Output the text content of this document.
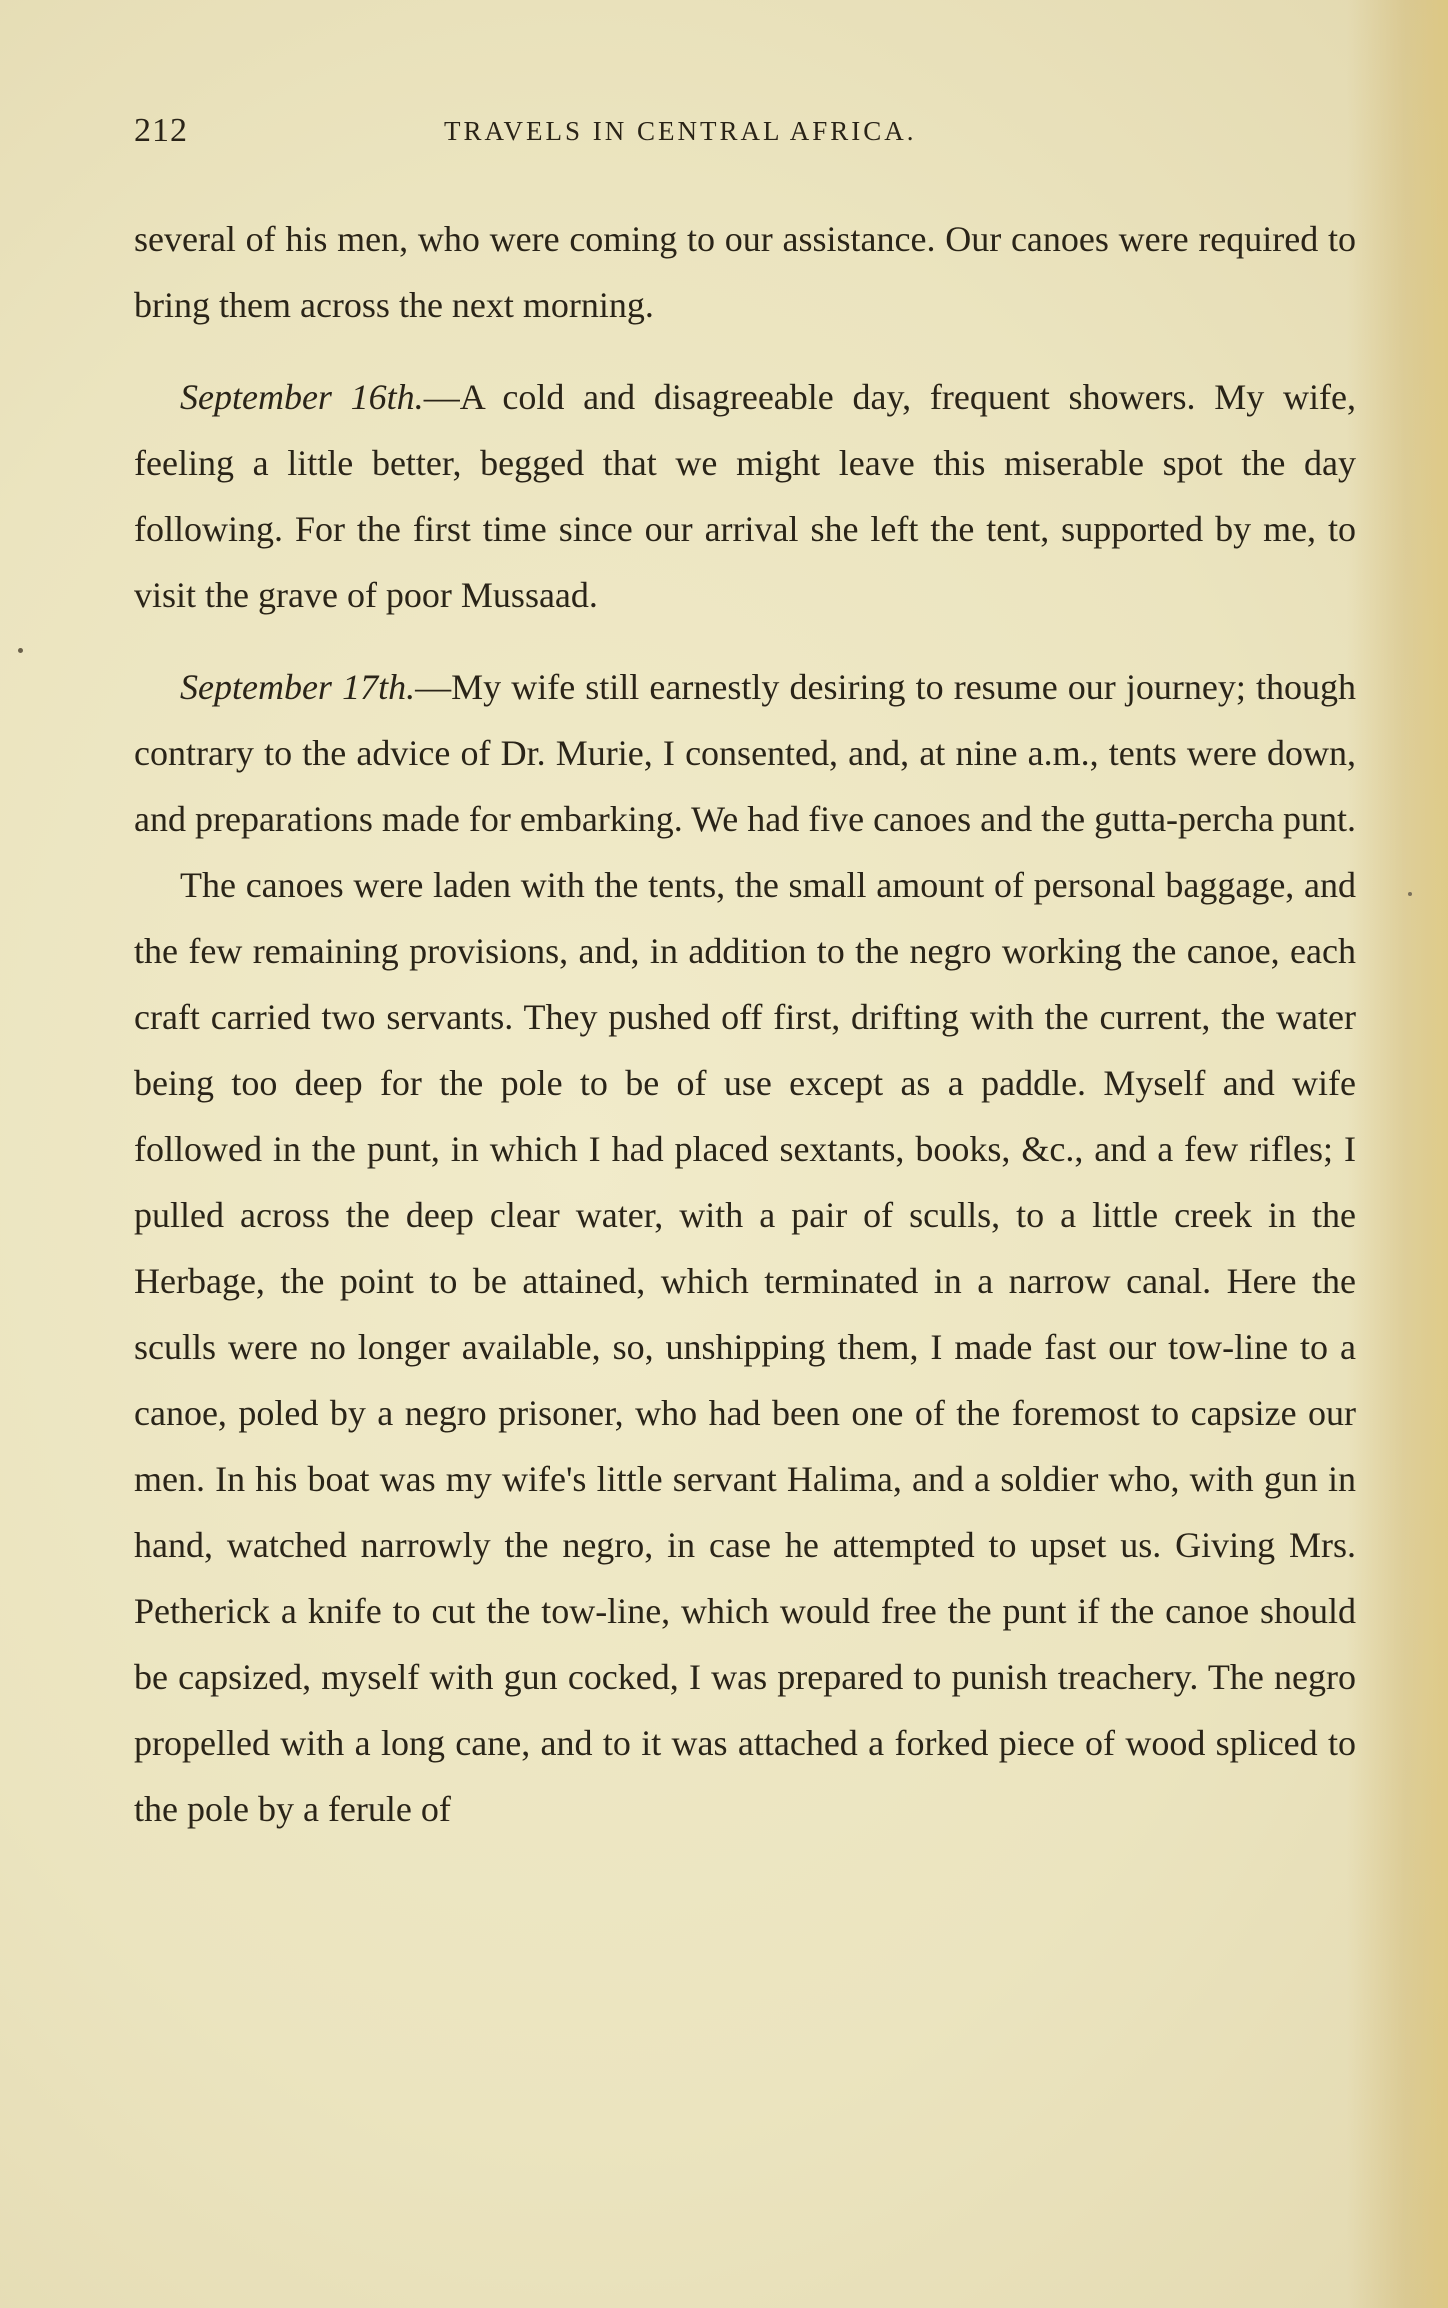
212	TRAVELS IN CENTRAL AFRICA.

several of his men, who were coming to our assistance. Our canoes were required to bring them across the next morning.

September 16th.—A cold and disagreeable day, frequent showers. My wife, feeling a little better, begged that we might leave this miserable spot the day following. For the first time since our arrival she left the tent, supported by me, to visit the grave of poor Mussaad.

September 17th.—My wife still earnestly desiring to resume our journey; though contrary to the advice of Dr. Murie, I consented, and, at nine a.m., tents were down, and preparations made for embarking. We had five canoes and the gutta-percha punt.

The canoes were laden with the tents, the small amount of personal baggage, and the few remaining provisions, and, in addition to the negro working the canoe, each craft carried two servants. They pushed off first, drifting with the current, the water being too deep for the pole to be of use except as a paddle. Myself and wife followed in the punt, in which I had placed sextants, books, &c., and a few rifles; I pulled across the deep clear water, with a pair of sculls, to a little creek in the Herbage, the point to be attained, which terminated in a narrow canal. Here the sculls were no longer available, so, unshipping them, I made fast our tow-line to a canoe, poled by a negro prisoner, who had been one of the foremost to capsize our men. In his boat was my wife's little servant Halima, and a soldier who, with gun in hand, watched narrowly the negro, in case he attempted to upset us. Giving Mrs. Petherick a knife to cut the tow-line, which would free the punt if the canoe should be capsized, myself with gun cocked, I was prepared to punish treachery. The negro propelled with a long cane, and to it was attached a forked piece of wood spliced to the pole by a ferule of
